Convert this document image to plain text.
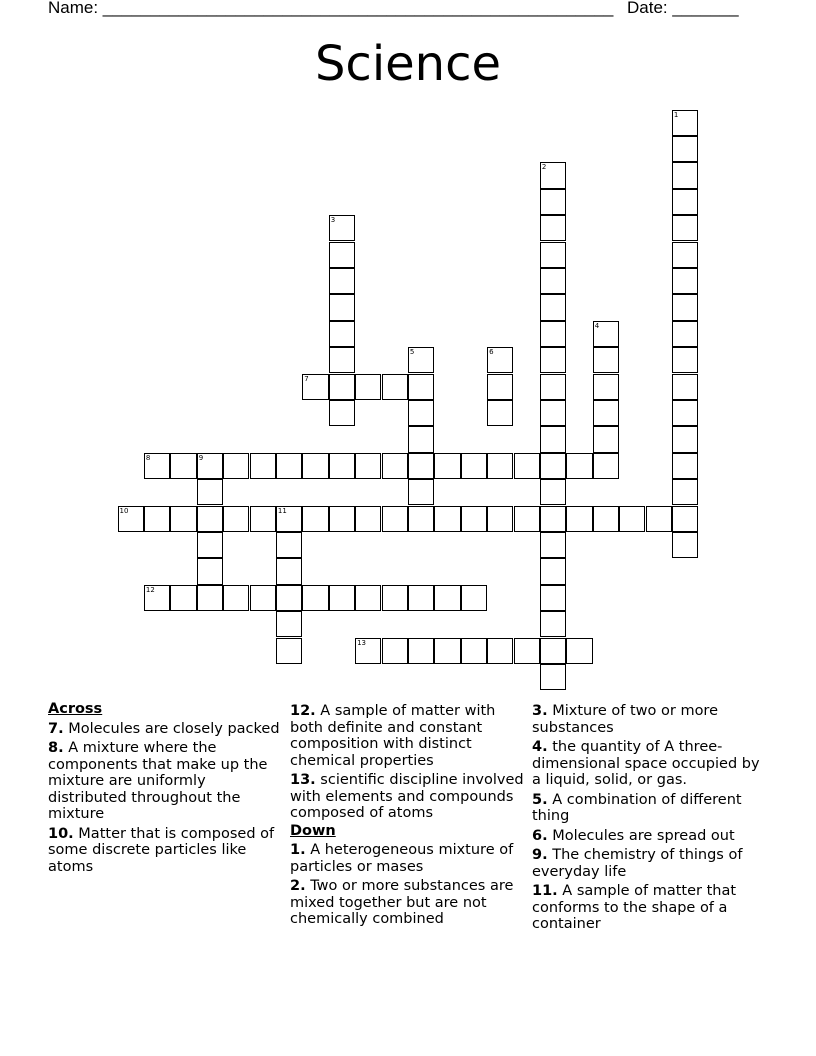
Name: ______________________________________________________ Date: _______
Science
1
2
3
4
5	6
7
8	9
10	11
12
13
Across
7. Molecules are closely packed
8. A mixture where the components that make up the mixture are uniformly distributed throughout the mixture
10. Matter that is composed of some discrete particles like atoms
12. A sample of matter with both definite and constant composition with distinct chemical properties
13. scientific discipline involved with elements and compounds composed of atoms
Down
1. A heterogeneous mixture of particles or mases
2. Two or more substances are mixed together but are not chemically combined
3. Mixture of two or more substances
4. the quantity of A three-dimensional space occupied by a liquid, solid, or gas.
5. A combination of different thing
6. Molecules are spread out
9. The chemistry of things of everyday life
11. A sample of matter that conforms to the shape of a container
